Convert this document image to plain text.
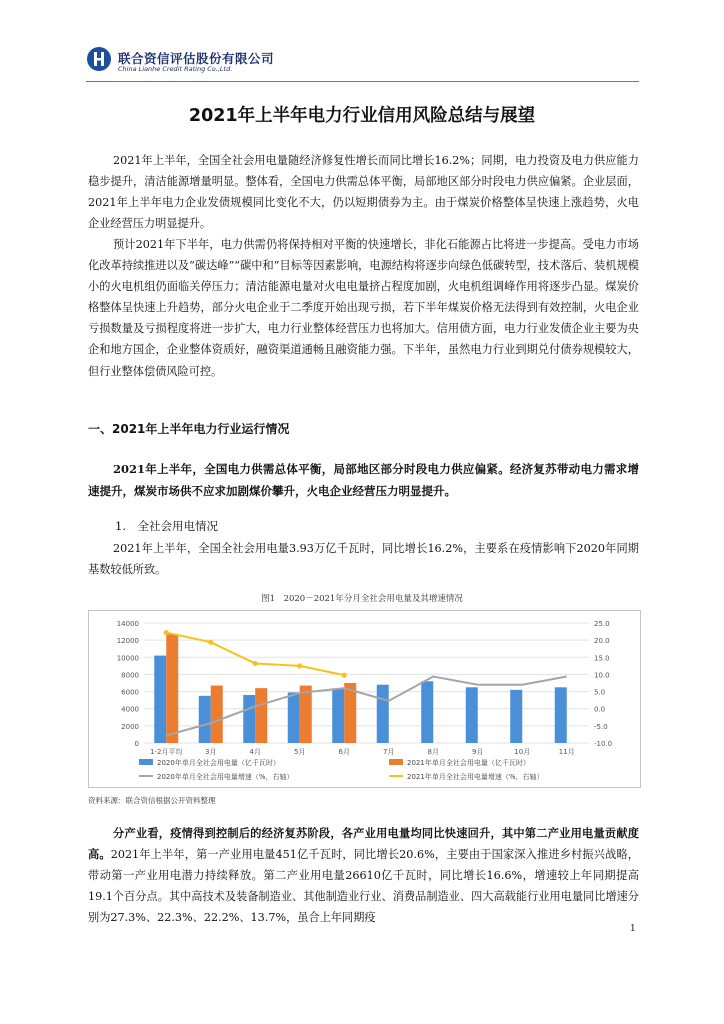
联合资信评估股份有限公司
China Lianhe Credit Rating Co.,Ltd.
2021年上半年电力行业信用风险总结与展望
2021年上半年，全国全社会用电量随经济修复性增长而同比增长16.2%；同期，电力投资及电力供应能力稳步提升，清洁能源增量明显。整体看，全国电力供需总体平衡，局部地区部分时段电力供应偏紧。企业层面，2021年上半年电力企业发债规模同比变化不大，仍以短期债券为主。由于煤炭价格整体呈快速上涨趋势，火电企业经营压力明显提升。
预计2021年下半年，电力供需仍将保持相对平衡的快速增长，非化石能源占比将进一步提高。受电力市场化改革持续推进以及“碳达峰”“碳中和”目标等因素影响，电源结构将逐步向绿色低碳转型，技术落后、装机规模小的火电机组仍面临关停压力；清洁能源电量对火电电量挤占程度加剧，火电机组调峰作用将逐步凸显。煤炭价格整体呈快速上升趋势，部分火电企业于二季度开始出现亏损，若下半年煤炭价格无法得到有效控制，火电企业亏损数量及亏损程度将进一步扩大，电力行业整体经营压力也将加大。信用债方面，电力行业发债企业主要为央企和地方国企，企业整体资质好，融资渠道通畅且融资能力强。下半年，虽然电力行业到期兑付债券规模较大，但行业整体偿债风险可控。
一、2021年上半年电力行业运行情况
2021年上半年，全国电力供需总体平衡，局部地区部分时段电力供应偏紧。经济复苏带动电力需求增速提升，煤炭市场供不应求加剧煤价攀升，火电企业经营压力明显提升。
1.　全社会用电情况
2021年上半年，全国全社会用电量3.93万亿千瓦时，同比增长16.2%，主要系在疫情影响下2020年同期基数较低所致。
图1　2020－2021年分月全社会用电量及其增速情况
0
2000
4000
6000
8000
10000
12000
14000
-10.0
-5.0
0.0
5.0
10.0
15.0
20.0
25.0
1-2月平均	3月	4月	5月	6月	7月	8月	9月	10月	11月
2020年单月全社会用电量（亿千瓦时）	2021年单月全社会用电量（亿千瓦时）
2020年单月全社会用电量增速（%，右轴）	2021年单月全社会用电量增速（%，右轴）
资料来源：联合资信根据公开资料整理
分产业看，疫情得到控制后的经济复苏阶段，各产业用电量均同比快速回升，其中第二产业用电量贡献度高。2021年上半年，第一产业用电量451亿千瓦时，同比增长20.6%，主要由于国家深入推进乡村振兴战略，带动第一产业用电潜力持续释放。第二产业用电量26610亿千瓦时，同比增长16.6%，增速较上年同期提高19.1个百分点。其中高技术及装备制造业、其他制造业行业、消费品制造业、四大高载能行业用电量同比增速分别为27.3%、22.3%、22.2%、13.7%，虽合上年同期疫
1
